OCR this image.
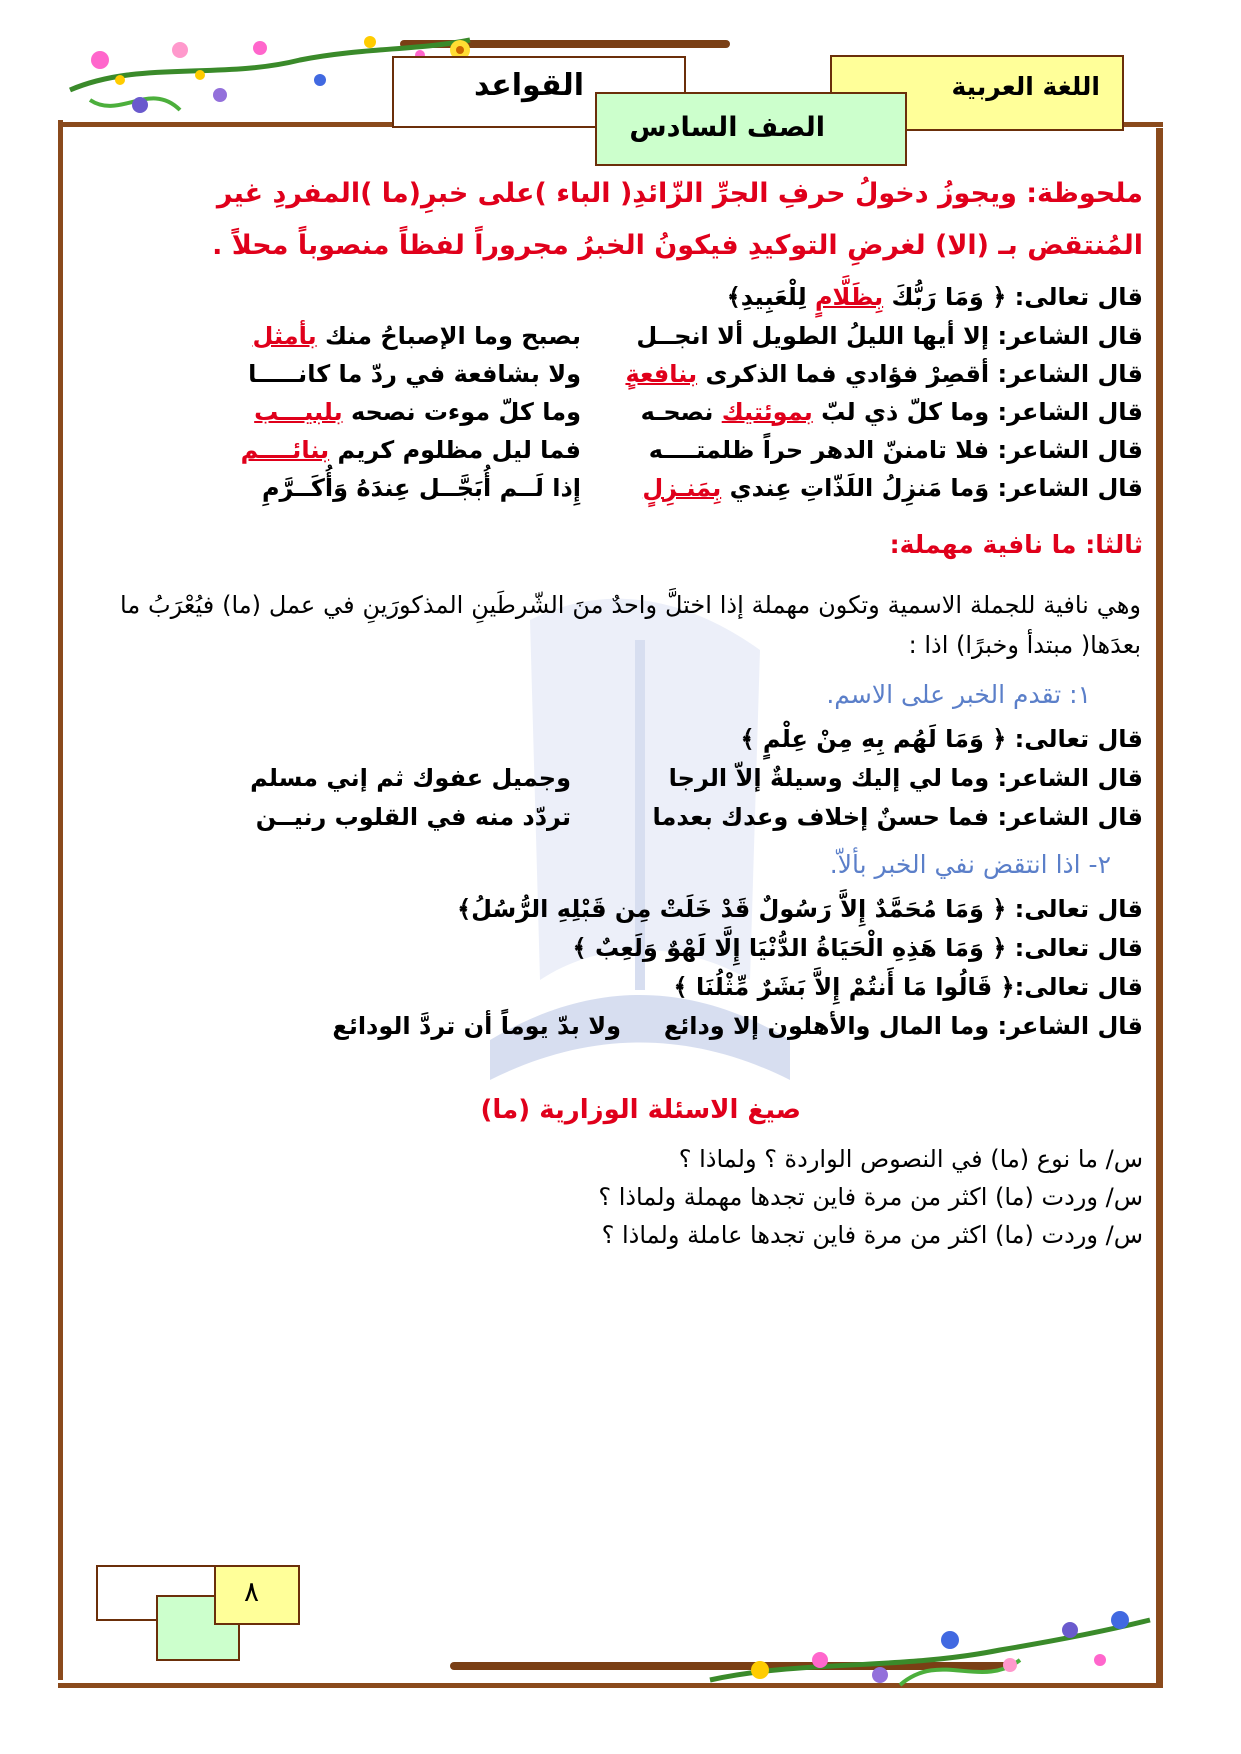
القواعد	اللغة العربية
الصف السادس
ملحوظة: ويجوزُ دخولُ حرفِ الجرِّ الزّائدِ( الباء )على خبرِ(ما )المفردِ غير
المُنتقض بـ (الا) لغرضِ التوكيدِ فيكونُ الخبرُ مجروراً لفظاً منصوباً محلاً .
قال تعالى: ﴿ وَمَا رَبُّكَ بِظَلَّامٍ لِلْعَبِيدِ﴾
قال الشاعر: إلا أيها الليلُ الطويل ألا انجــل
بصبح وما الإصباحُ منك بأمثل
قال الشاعر: أقصِرْ فؤادي فما الذكرى بنافعةٍ
ولا بشافعة في ردّ ما كانـــــا
قال الشاعر: وما كلّ ذي لبّ بموئتيك نصحـه
وما كلّ موءت نصحه بلبيـــب
قال الشاعر: فلا تامننّ الدهر حراً ظلمتــــه
فما ليل مظلوم كريم بنائــــم
قال الشاعر: وَما مَنزِلُ اللَذّاتِ عِندي بِمَنـزِلٍ
إِذا لَــم أُبَجَّــل عِندَهُ وَأُكَــرَّمِ
ثالثا: ما نافية مهملة:
وهي نافية للجملة الاسمية وتكون مهملة إذا اختلَّ واحدٌ منَ الشّرطَينِ المذكورَينِ في عمل (ما) فيُعْرَبُ ما بعدَها( مبتدأ وخبرًا) اذا :
١: تقدم الخبر على الاسم.
قال تعالى: ﴿ وَمَا لَهُم بِهِ مِنْ عِلْمٍ ﴾
قال الشاعر: وما لي إليك وسيلةٌ إلاّ الرجا
وجميل عفوك ثم إني مسلم
قال الشاعر: فما حسنٌ إخلاف وعدك بعدما
تردّد منه في القلوب رنيــن
٢- اذا انتقض نفي الخبر بألاّ.
قال تعالى: ﴿ وَمَا مُحَمَّدٌ إِلاَّ رَسُولٌ قَدْ خَلَتْ مِن قَبْلِهِ الرُّسُلُ﴾
قال تعالى: ﴿ وَمَا هَذِهِ الْحَيَاةُ الدُّنْيَا إِلَّا لَهْوٌ وَلَعِبٌ ﴾
قال تعالى:﴿ قَالُوا مَا أَنتُمْ إِلاَّ بَشَرٌ مِّثْلُنَا ﴾
قال الشاعر: وما المال والأهلون إلا ودائع
ولا بدّ يوماً أن تردَّ الودائع
صيغ الاسئلة الوزارية (ما)
س/ ما نوع (ما) في النصوص الواردة ؟ ولماذا ؟
س/ وردت (ما) اكثر من مرة فاين تجدها مهملة ولماذا ؟
س/ وردت (ما) اكثر من مرة فاين تجدها عاملة ولماذا ؟
٨
